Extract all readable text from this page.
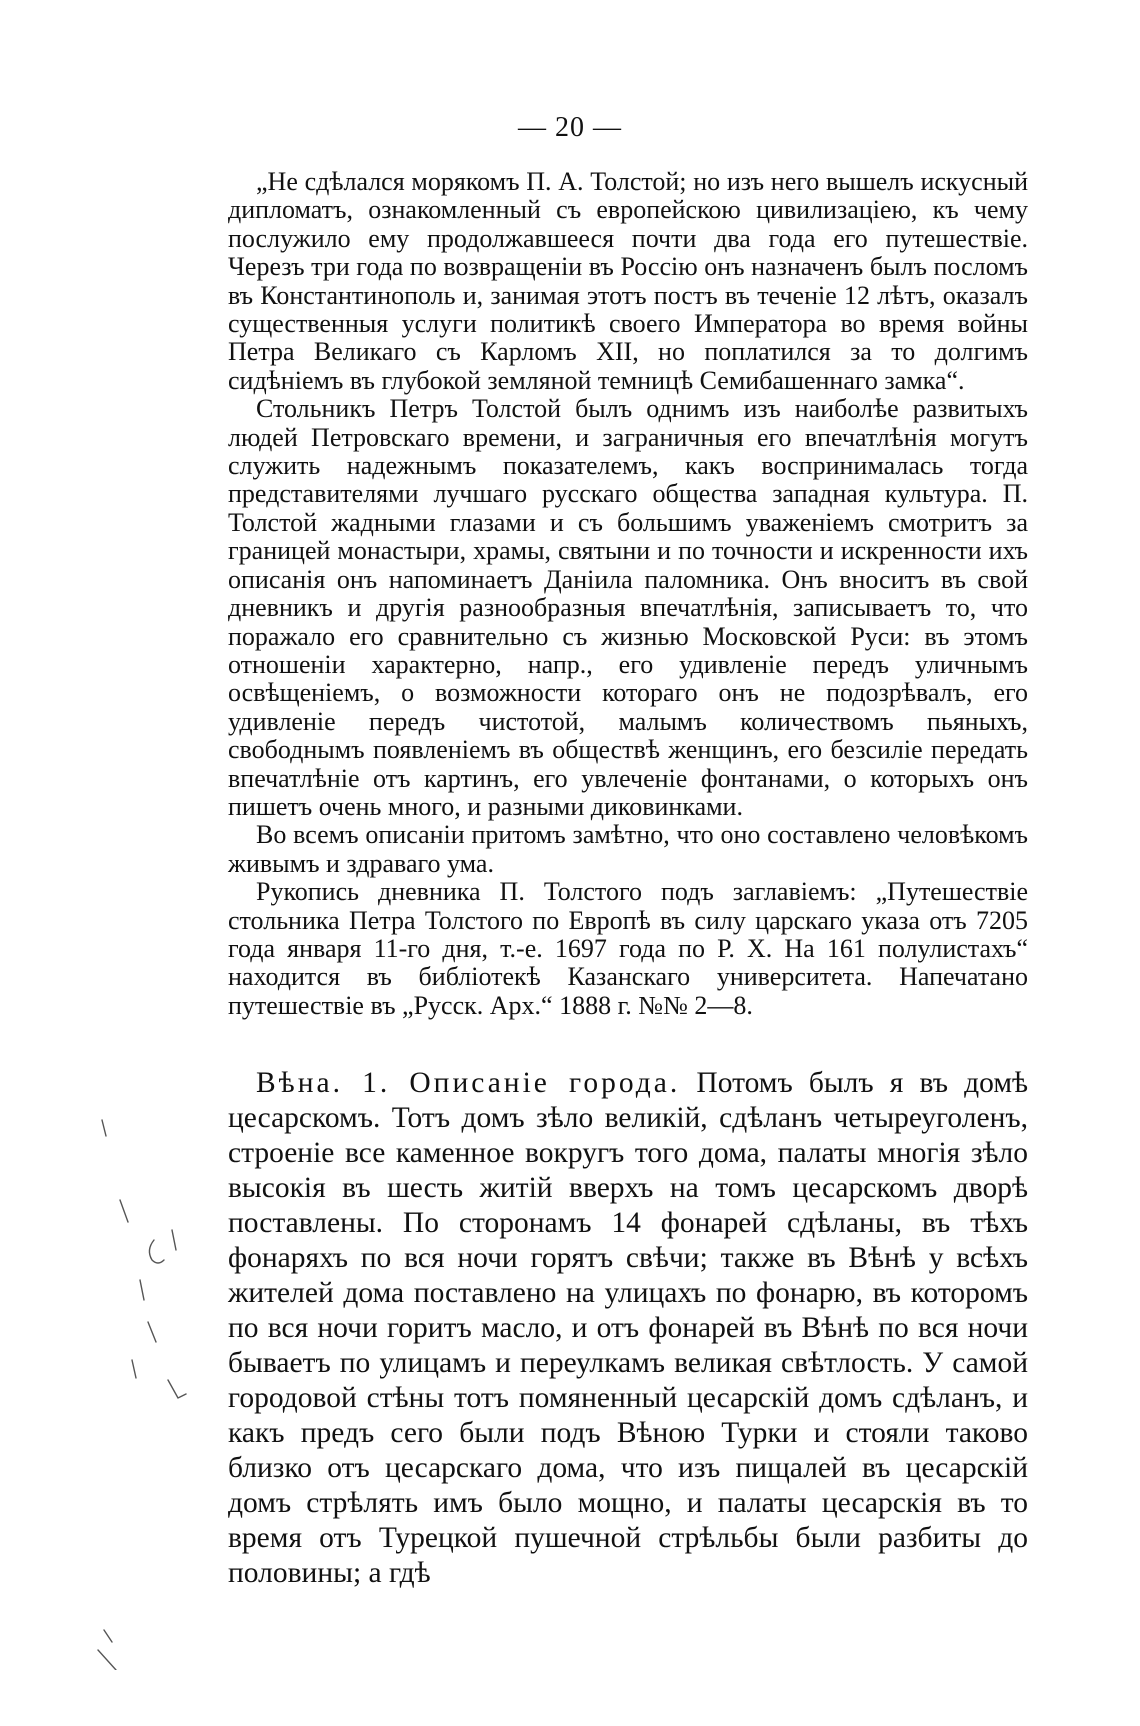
— 20 —

„Не сдѣлался морякомъ П. А. Толстой; но изъ него вышелъ искусный дипломатъ, ознакомленный съ европейскою цивилизаціею, къ чему послужило ему продолжавшееся почти два года его путешествіе. Черезъ три года по возвращеніи въ Россію онъ назначенъ былъ посломъ въ Константинополь и, занимая этотъ постъ въ теченіе 12 лѣтъ, оказалъ существенныя услуги политикѣ своего Императора во время войны Петра Великаго съ Карломъ XII, но поплатился за то долгимъ сидѣніемъ въ глубокой земляной темницѣ Семибашеннаго замка“.

Стольникъ Петръ Толстой былъ однимъ изъ наиболѣе развитыхъ людей Петровскаго времени, и заграничныя его впечатлѣнія могутъ служить надежнымъ показателемъ, какъ воспринималась тогда представителями лучшаго русскаго общества западная культура. П. Толстой жадными глазами и съ большимъ уваженіемъ смотритъ за границей монастыри, храмы, святыни и по точности и искренности ихъ описанія онъ напоминаетъ Даніила паломника. Онъ вноситъ въ свой дневникъ и другія разнообразныя впечатлѣнія, записываетъ то, что поражало его сравнительно съ жизнью Московской Руси: въ этомъ отношеніи характерно, напр., его удивленіе передъ уличнымъ освѣщеніемъ, о возможности котораго онъ не подозрѣвалъ, его удивленіе передъ чистотой, малымъ количествомъ пьяныхъ, свободнымъ появленіемъ въ обществѣ женщинъ, его безсиліе передать впечатлѣніе отъ картинъ, его увлеченіе фонтанами, о которыхъ онъ пишетъ очень много, и разными диковинками.

Во всемъ описаніи притомъ замѣтно, что оно составлено человѣкомъ живымъ и здраваго ума.

Рукопись дневника П. Толстого подъ заглавіемъ: „Путешествіе стольника Петра Толстого по Европѣ въ силу царскаго указа отъ 7205 года января 11-го дня, т.-е. 1697 года по Р. Х. На 161 полулистахъ“ находится въ библіотекѣ Казанскаго университета. Напечатано путешествіе въ „Русск. Арх.“ 1888 г. №№ 2—8.

Вѣна. 1. Описаніе города. Потомъ былъ я въ домѣ цесарскомъ. Тотъ домъ зѣло великій, сдѣланъ четыреуголенъ, строеніе все каменное вокругъ того дома, палаты многія зѣло высокія въ шесть житій вверхъ на томъ цесарскомъ дворѣ поставлены. По сторонамъ 14 фонарей сдѣланы, въ тѣхъ фонаряхъ по вся ночи горятъ свѣчи; также въ Вѣнѣ у всѣхъ жителей дома поставлено на улицахъ по фонарю, въ которомъ по вся ночи горитъ масло, и отъ фонарей въ Вѣнѣ по вся ночи бываетъ по улицамъ и переулкамъ великая свѣтлость. У самой городовой стѣны тотъ помяненный цесарскій домъ сдѣланъ, и какъ предъ сего были подъ Вѣною Турки и стояли таково близко отъ цесарскаго дома, что изъ пищалей въ цесарскій домъ стрѣлять имъ было мощно, и палаты цесарскія въ то время отъ Турецкой пушечной стрѣльбы были разбиты до половины; а гдѣ
